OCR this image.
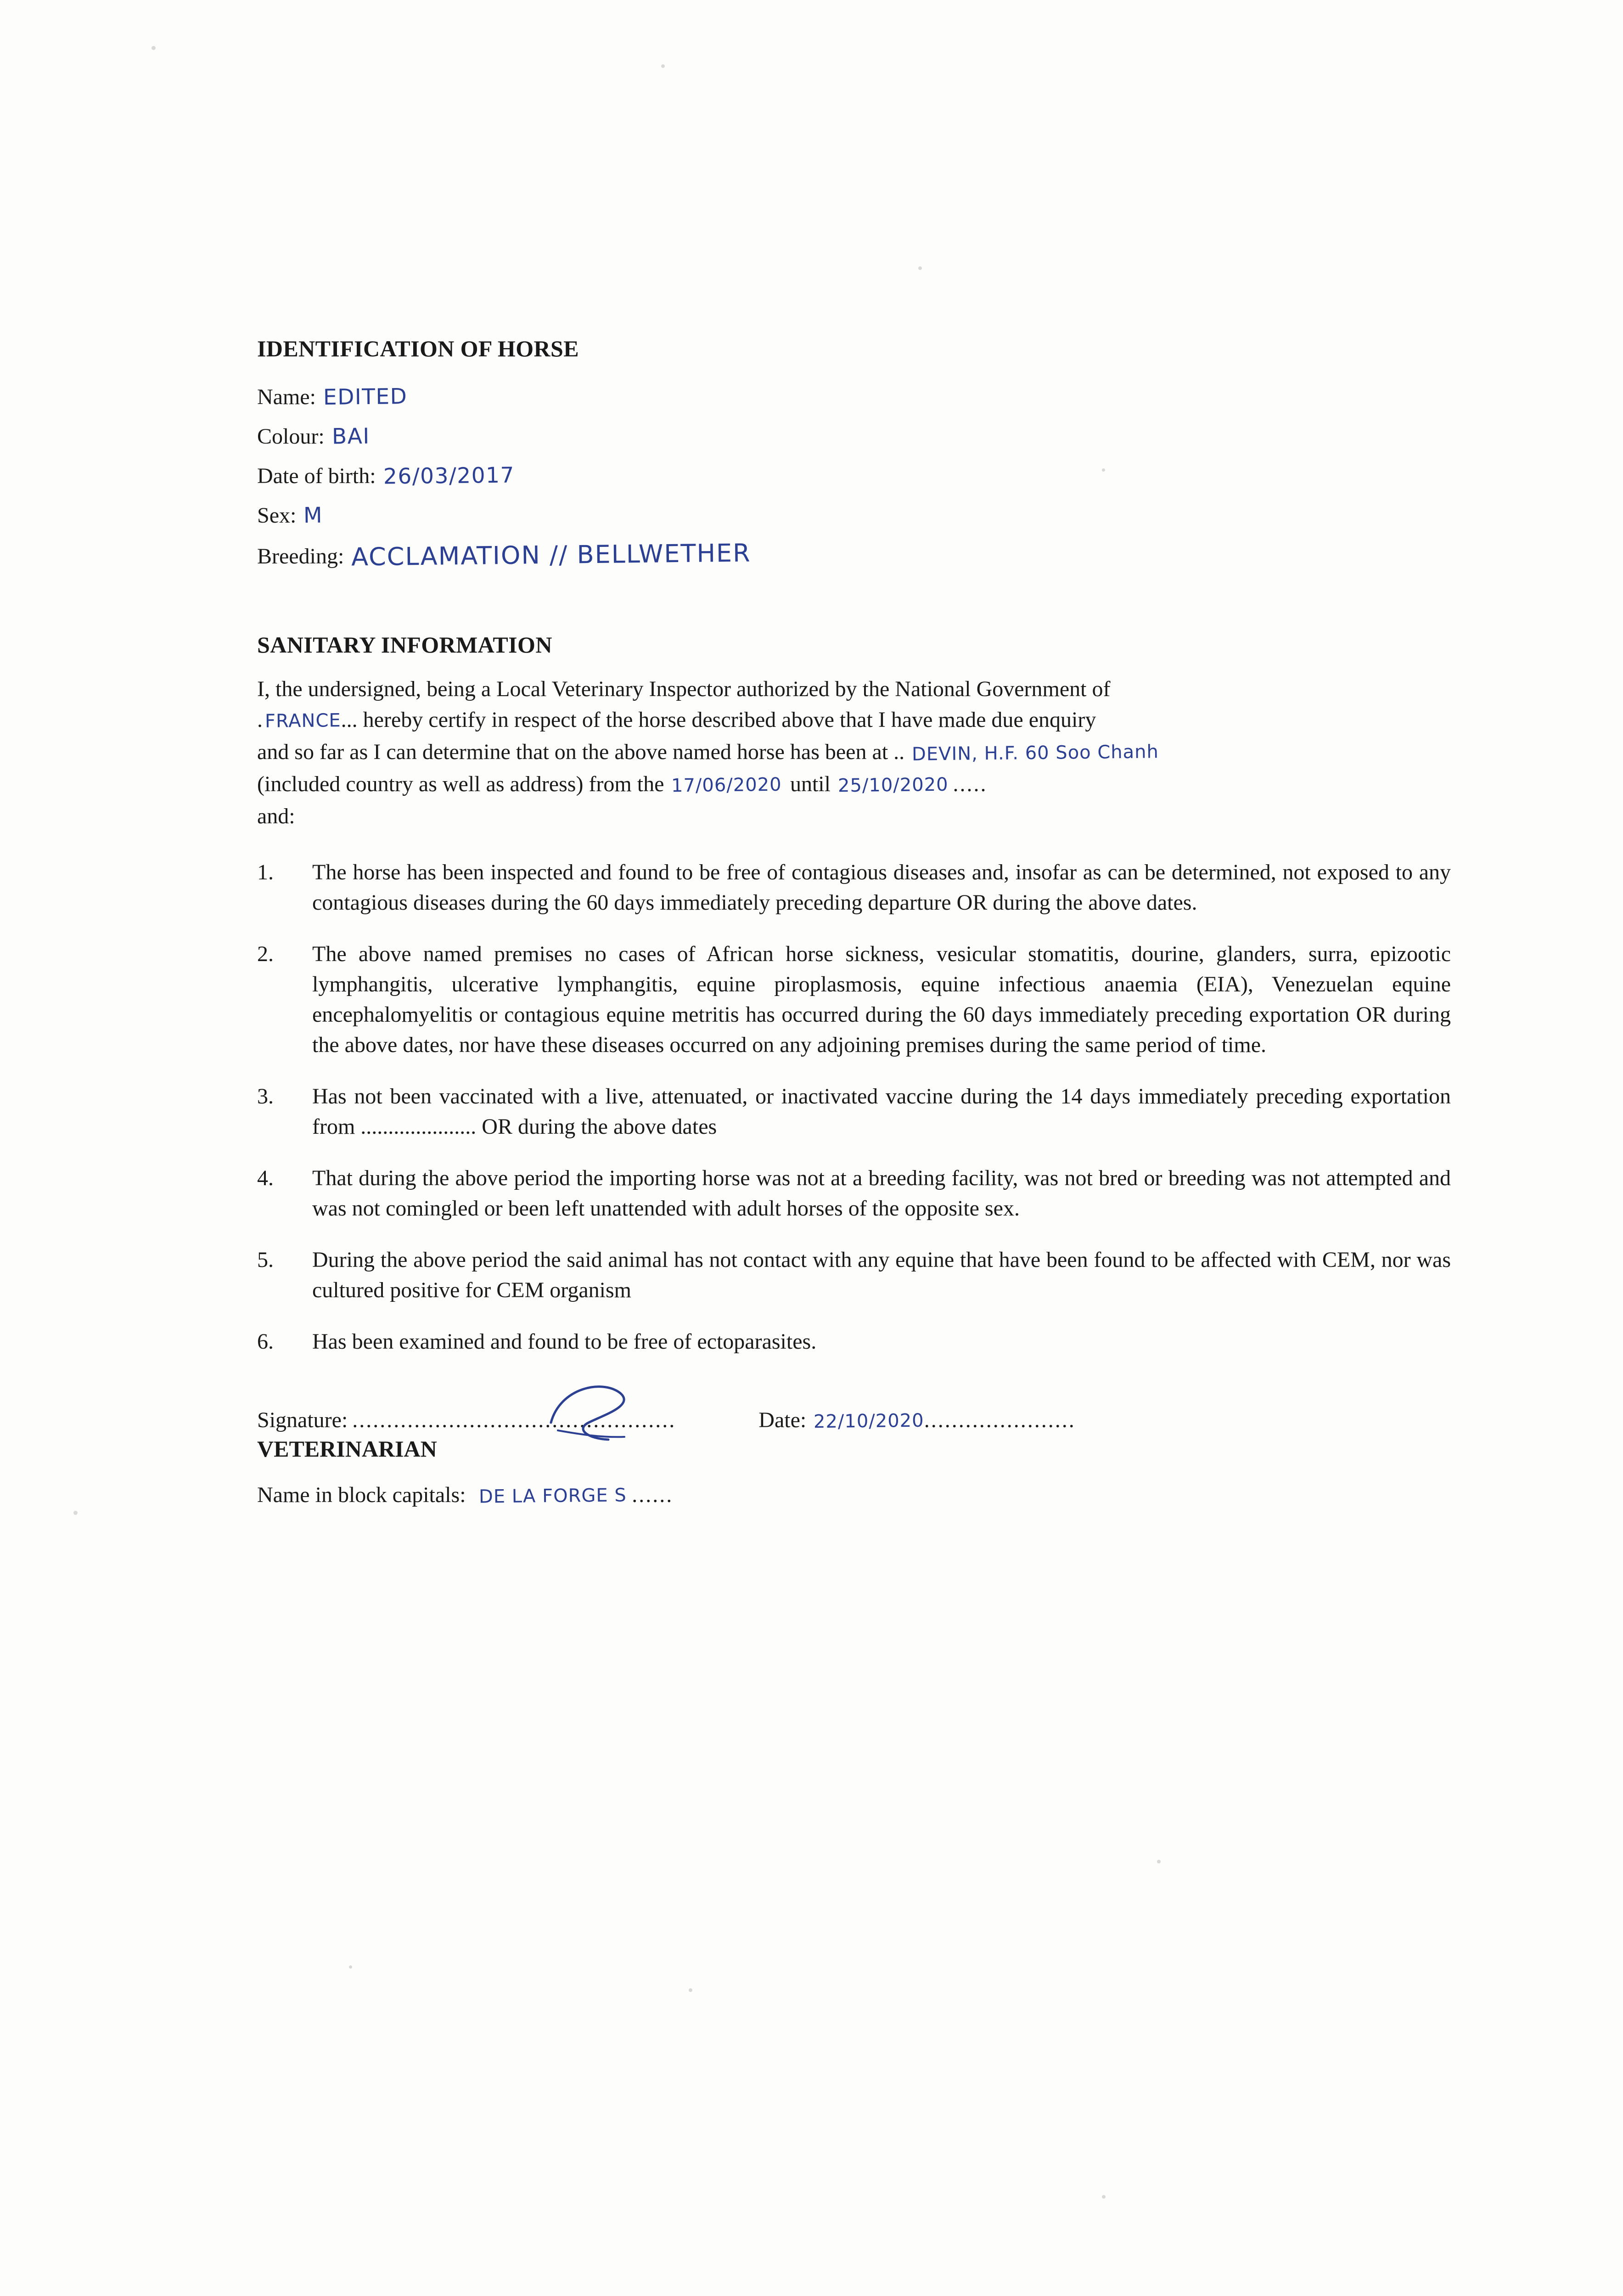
IDENTIFICATION OF HORSE
Name: EDITED
Colour: BAI
Date of birth: 26/03/2017
Sex: M
Breeding: ACCLAMATION // BELLWETHER
SANITARY INFORMATION
I, the undersigned, being a Local Veterinary Inspector authorized by the National Government of
.FRANCE... hereby certify in respect of the horse described above that I have made due enquiry
and so far as I can determine that on the above named horse has been at .. DEVIN, H.F. 60 Soo Chanh
(included country as well as address) from the 17/06/2020 until 25/10/2020 .....
and:
1.	The horse has been inspected and found to be free of contagious diseases and, insofar as can be determined, not exposed to any contagious diseases during the 60 days immediately preceding departure OR during the above dates.
2.	The above named premises no cases of African horse sickness, vesicular stomatitis, dourine, glanders, surra, epizootic lymphangitis, ulcerative lymphangitis, equine piroplasmosis, equine infectious anaemia (EIA), Venezuelan equine encephalomyelitis or contagious equine metritis has occurred during the 60 days immediately preceding exportation OR during the above dates, nor have these diseases occurred on any adjoining premises during the same period of time.
3.	Has not been vaccinated with a live, attenuated, or inactivated vaccine during the 14 days immediately preceding exportation from ..................... OR during the above dates
4.	That during the above period the importing horse was not at a breeding facility, was not bred or breeding was not attempted and was not comingled or been left unattended with adult horses of the opposite sex.
5.	During the above period the said animal has not contact with any equine that have been found to be affected with CEM, nor was cultured positive for CEM organism
6.	Has been examined and found to be free of ectoparasites.
Signature: ...............................................	Date: 22/10/2020 ......................
VETERINARIAN
Name in block capitals: DE LA FORGE S ......
